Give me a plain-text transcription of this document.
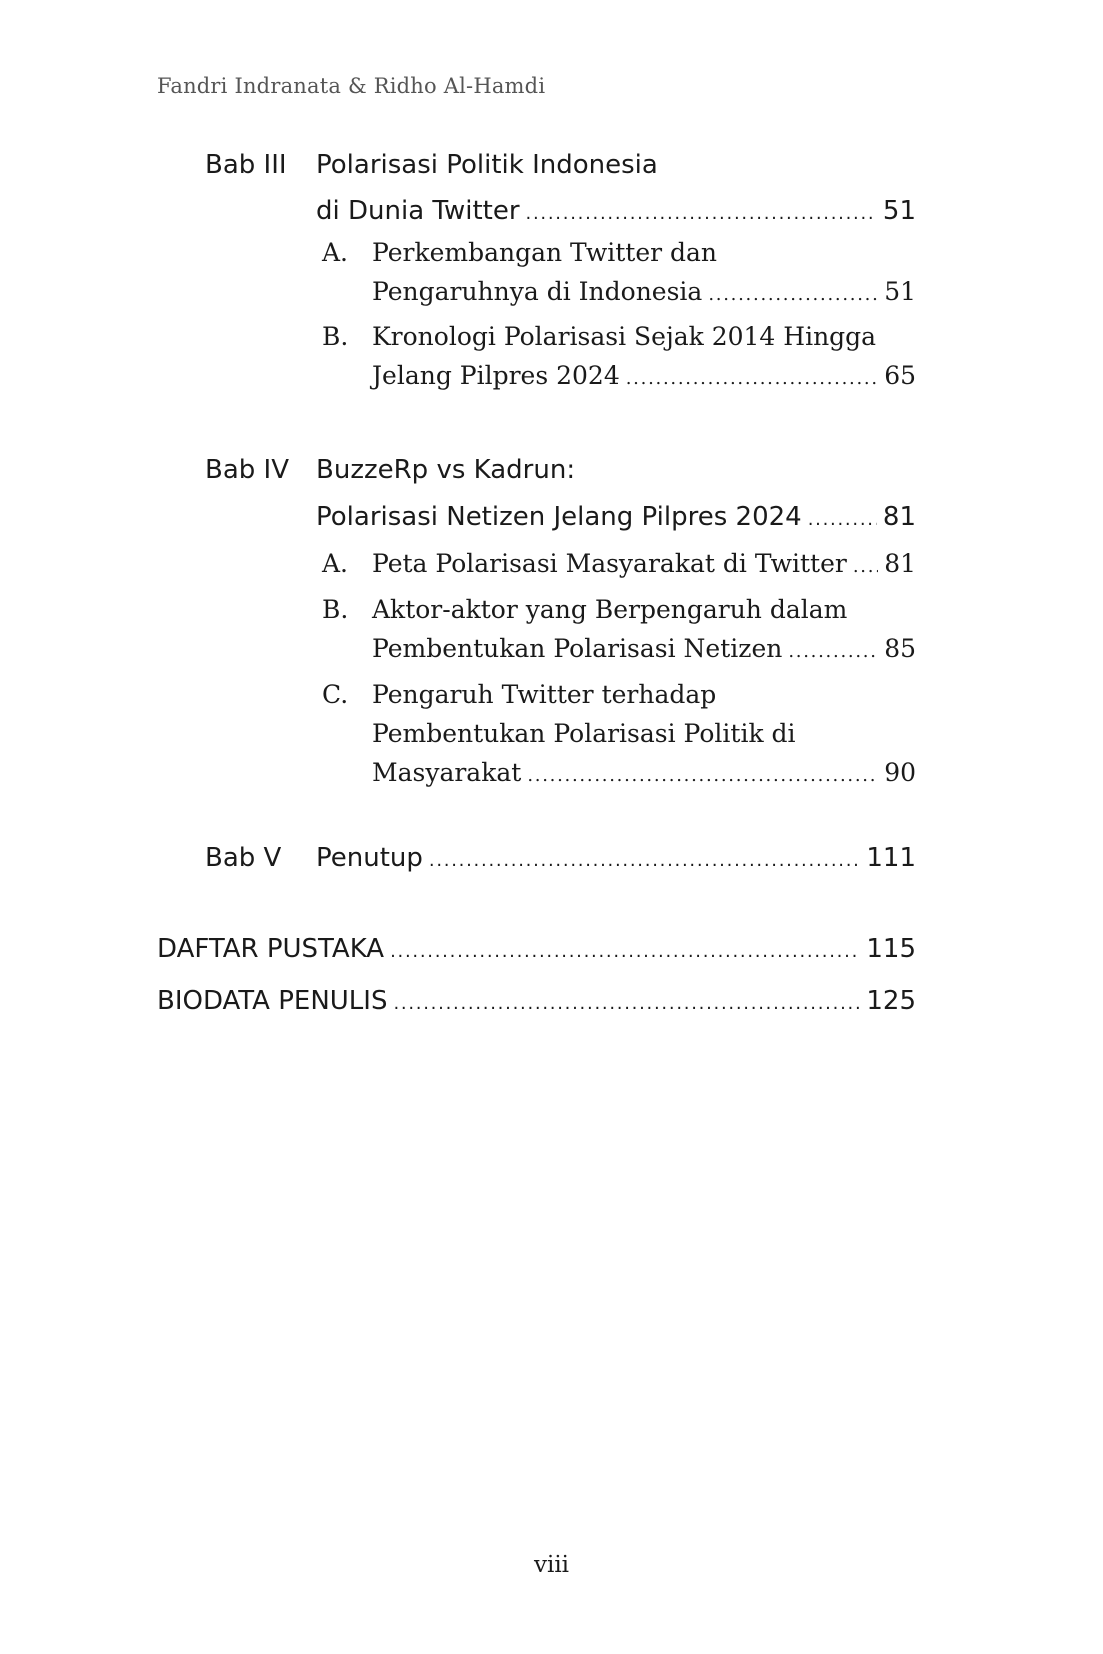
Fandri Indranata & Ridho Al-Hamdi
Bab III Polarisasi Politik Indonesia
di Dunia Twitter . . .	51
A. Perkembangan Twitter dan
Pengaruhnya di Indonesia . . .	51
B. Kronologi Polarisasi Sejak 2014 Hingga
Jelang Pilpres 2024 . . .	65
Bab IV BuzzeRp vs Kadrun:
Polarisasi Netizen Jelang Pilpres 2024 . . .	81
A. Peta Polarisasi Masyarakat di Twitter . . . 81
B. Aktor-aktor yang Berpengaruh dalam
Pembentukan Polarisasi Netizen . . .	85
C. Pengaruh Twitter terhadap
Pembentukan Polarisasi Politik di
Masyarakat . . .	90
Bab V Penutup . . .	111
DAFTAR PUSTAKA . . .	115
BIODATA PENULIS . . .	125
viii
